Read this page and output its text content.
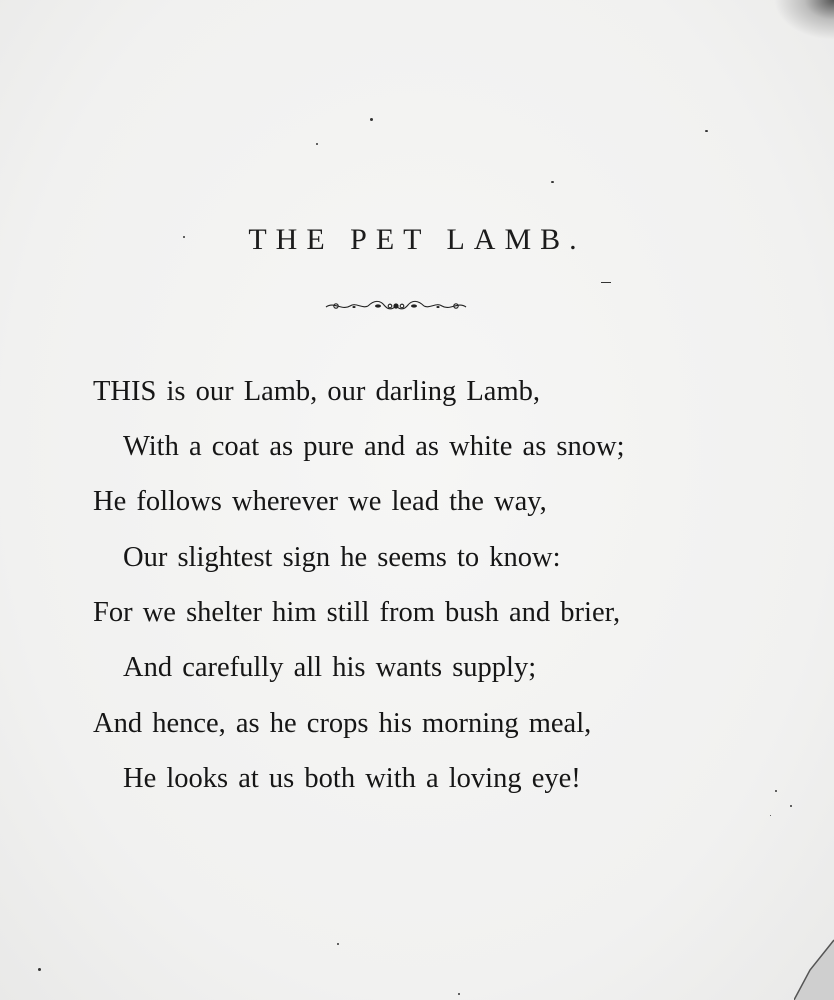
THE PET LAMB.
THIS is our Lamb, our darling Lamb,
With a coat as pure and as white as snow;
He follows wherever we lead the way,
Our slightest sign he seems to know:
For we shelter him still from bush and brier,
And carefully all his wants supply;
And hence, as he crops his morning meal,
He looks at us both with a loving eye!
